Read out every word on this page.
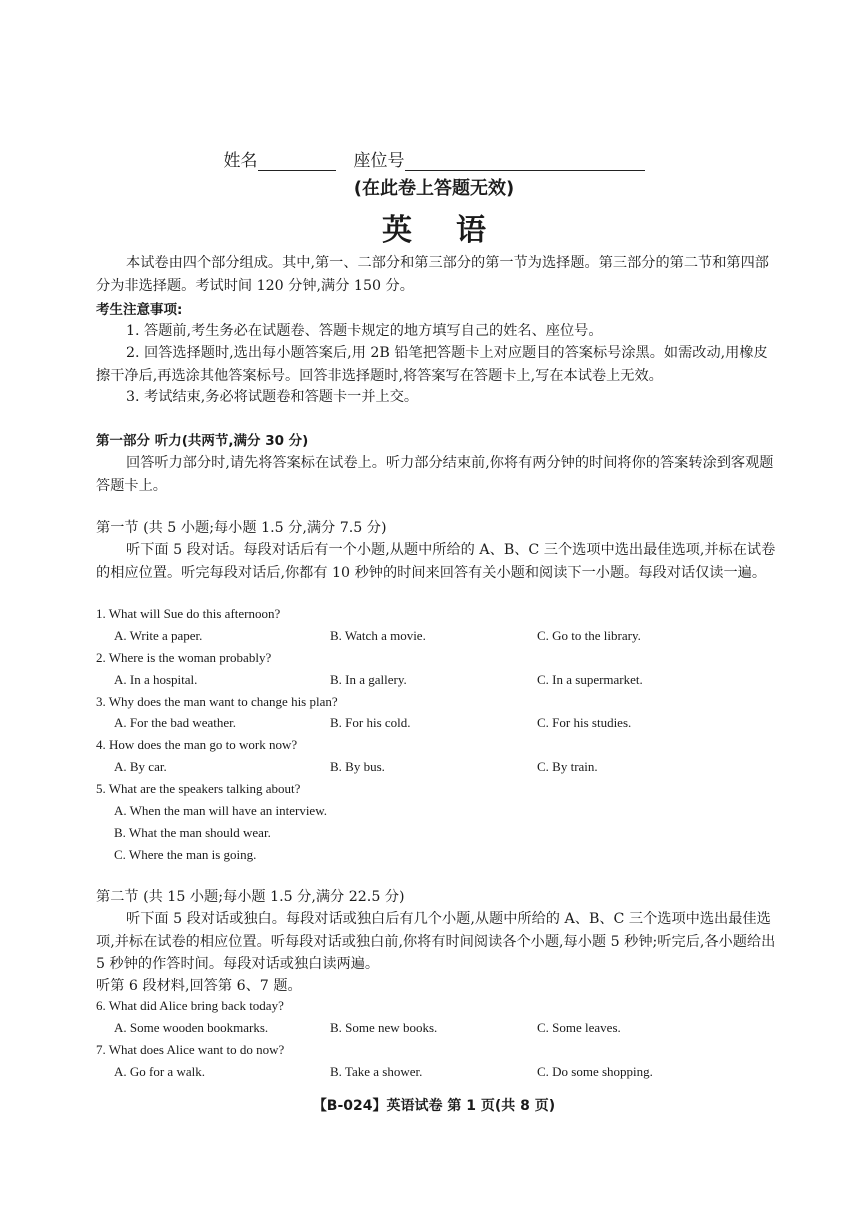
姓名	座位号
(在此卷上答题无效)
英语
本试卷由四个部分组成。其中,第一、二部分和第三部分的第一节为选择题。第三部分的第二节和第四部分为非选择题。考试时间 120 分钟,满分 150 分。
考生注意事项:
1. 答题前,考生务必在试题卷、答题卡规定的地方填写自己的姓名、座位号。
2. 回答选择题时,选出每小题答案后,用 2B 铅笔把答题卡上对应题目的答案标号涂黑。如需改动,用橡皮擦干净后,再选涂其他答案标号。回答非选择题时,将答案写在答题卡上,写在本试卷上无效。
3. 考试结束,务必将试题卷和答题卡一并上交。
第一部分 听力(共两节,满分 30 分)
回答听力部分时,请先将答案标在试卷上。听力部分结束前,你将有两分钟的时间将你的答案转涂到客观题答题卡上。
第一节 (共 5 小题;每小题 1.5 分,满分 7.5 分)
听下面 5 段对话。每段对话后有一个小题,从题中所给的 A、B、C 三个选项中选出最佳选项,并标在试卷的相应位置。听完每段对话后,你都有 10 秒钟的时间来回答有关小题和阅读下一小题。每段对话仅读一遍。
1. What will Sue do this afternoon?
A. Write a paper.	B. Watch a movie.	C. Go to the library.
2. Where is the woman probably?
A. In a hospital.	B. In a gallery.	C. In a supermarket.
3. Why does the man want to change his plan?
A. For the bad weather.	B. For his cold.	C. For his studies.
4. How does the man go to work now?
A. By car.	B. By bus.	C. By train.
5. What are the speakers talking about?
A. When the man will have an interview.
B. What the man should wear.
C. Where the man is going.
第二节 (共 15 小题;每小题 1.5 分,满分 22.5 分)
听下面 5 段对话或独白。每段对话或独白后有几个小题,从题中所给的 A、B、C 三个选项中选出最佳选项,并标在试卷的相应位置。听每段对话或独白前,你将有时间阅读各个小题,每小题 5 秒钟;听完后,各小题给出 5 秒钟的作答时间。每段对话或独白读两遍。
听第 6 段材料,回答第 6、7 题。
6. What did Alice bring back today?
A. Some wooden bookmarks.	B. Some new books.	C. Some leaves.
7. What does Alice want to do now?
A. Go for a walk.	B. Take a shower.	C. Do some shopping.
【B-024】英语试卷 第 1 页(共 8 页)
